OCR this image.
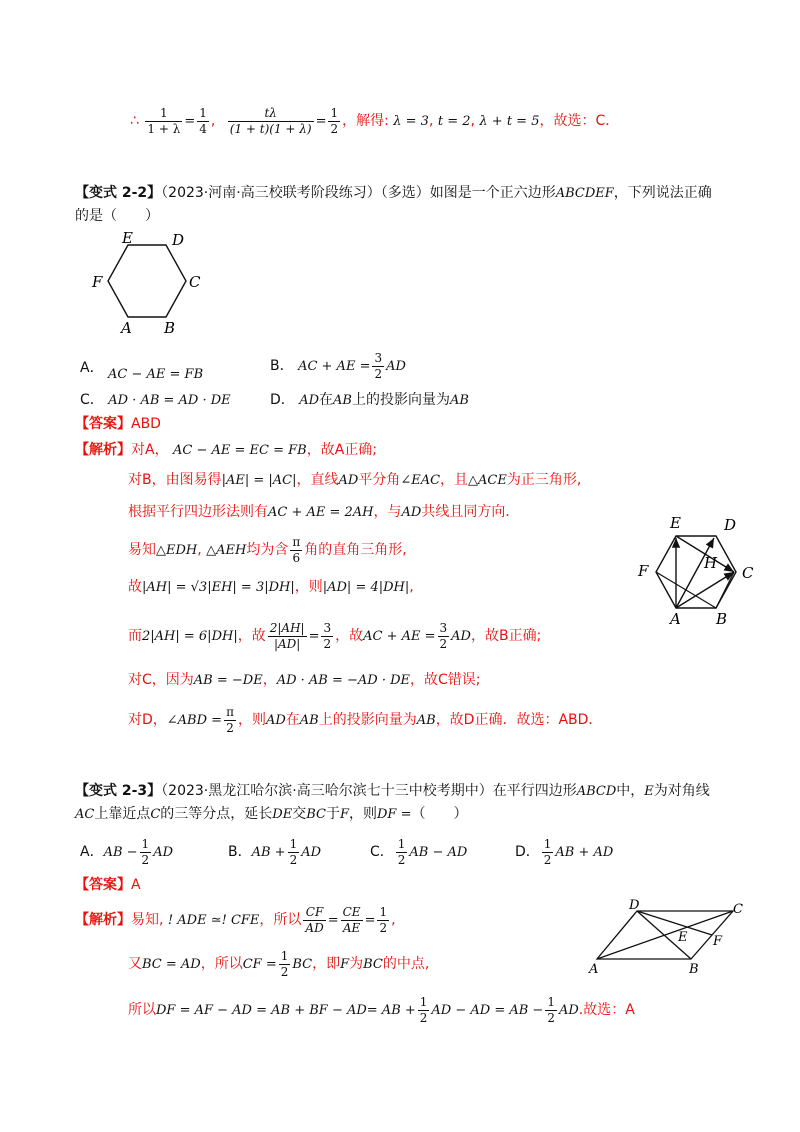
∴ $\frac{1}{1 + \lambda} = \frac{1}{4}$ , $\frac{t\lambda}{(1 + t)(1 + \lambda)} = \frac{1}{2}$ ，解得: λ = 3, t = 2, λ + t = 5，故选：C．
【变式 2-2】（2023·河南·高三校联考阶段练习）（多选）如图是一个正六边形ABCDEF，下列说法正确
的是（　　）
A B
C
D
E
F
A． AC − AE = FB
B． AC + AE = $\frac{3}{2}$ AD
C． AD · AB = AD · DE	D． AD在AB上的投影向量为AB
【答案】ABD
【解析】对A， AC − AE = EC = FB，故A正确;
对B，由图易得|AE| = |AC|，直线AD平分角∠EAC，且△ACE为正三角形,
根据平行四边形法则有AC + AE = 2AH，与AD共线且同方向．
易知△EDH, △AEH均为含 $\frac{\pi}{6}$ 角的直角三角形,
故|AH| = √3|EH| = 3|DH|，则|AD| = 4|DH|,
而2|AH| = 6|DH|，故 $\frac{2|AH|}{|AD|} = \frac{3}{2}$ ，故AC + AE = $\frac{3}{2}$ AD，故B正确;
对C，因为AB = −DE，AD · AB = −AD · DE，故C错误;
对D，∠ABD = $\frac{\pi}{2}$ ，则AD在AB上的投影向量为AB，故D正确．故选：ABD．
A B
C
D
E
F	H
【变式 2-3】（2023·黑龙江哈尔滨·高三哈尔滨七十三中校考期中）在平行四边形ABCD中，E为对角线
AC上靠近点C的三等分点，延长DE交BC于F，则DF =（　　）
A．AB − $\frac{1}{2}$ AD	B．AB + $\frac{1}{2}$ AD	C． $\frac{1}{2}$ AB − AD	D． $\frac{1}{2}$ AB + AD
【答案】A
【解析】易知, ! ADE ≃! CFE，所以 $\frac{CF}{AD} = \frac{CE}{AE} = \frac{1}{2}$ ,
又BC = AD，所以CF = $\frac{1}{2}$ BC，即F为BC的中点,
所以DF = AF − AD = AB + BF − AD= AB + $\frac{1}{2}$ AD − AD = AB − $\frac{1}{2}$ AD.故选：A
A	B
C
D
E F
